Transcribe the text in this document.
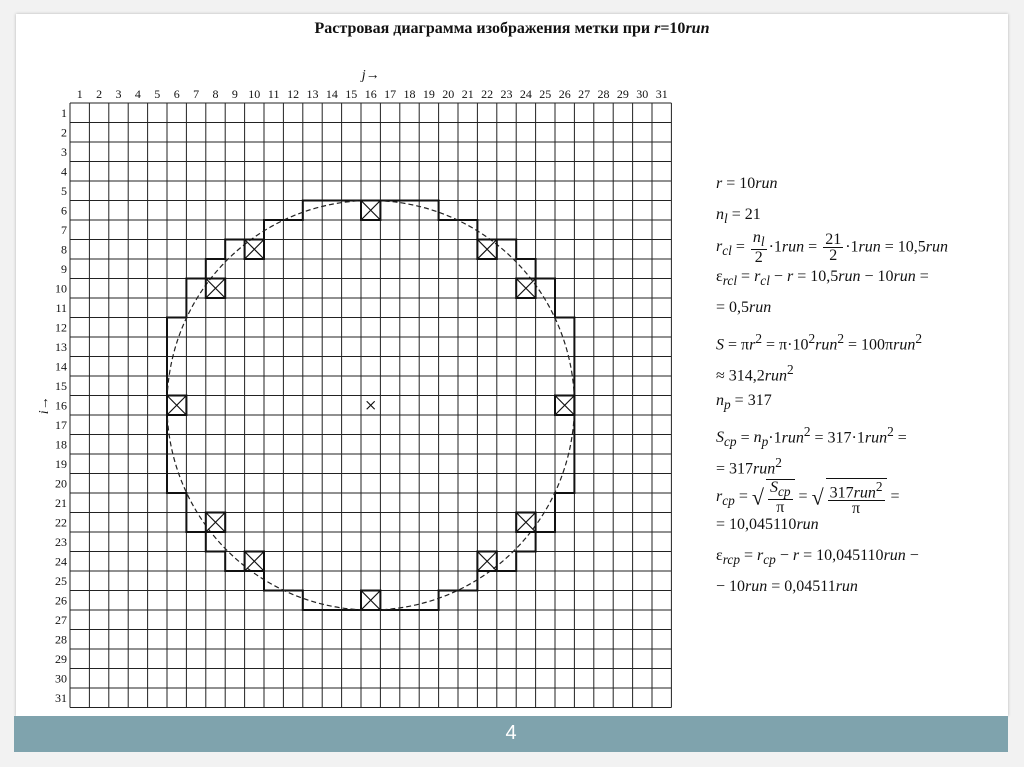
Растровая диаграмма изображения метки при r=10run
1 2 3 4 5 6 7 8 9 10 11 12 13 14 15 16 17 18 19 20 21 22 23 24 25 26 27 28 29 30 31
1
2
3
4
5
6
7
8
9
10
11
12
13
14
15
16
17
18
19
20
21
22
23
24
25
26
27
28
29
30
31
j→
i→
r = 10run
$n_l = 21$
$r_{cl} = \frac{n_l}{2} \cdot 1run = \frac{21}{2} \cdot 1run = 10,5run$
$\varepsilon_{rcl} = r_{cl} - r = 10,5run - 10run$ =
= 0,5run
$S = \pi r^2 = \pi\cdot 10^2run^2 = 100\pi run^2$
≈ 314,2run$^2$
$n_p = 317$
$S_{cp} = n_p\cdot 1run^2 = 317\cdot 1run^2$ =
= 317run$^2$
$r_{cp}$ = √ $\frac{S_{cp}}{\pi}$ = √ $\frac{317run^2}{\pi}$ =
= 10,045110run
$\varepsilon_{rcp} = r_{cp} - r = 10,045110run$ −
− 10run = 0,04511run
4
